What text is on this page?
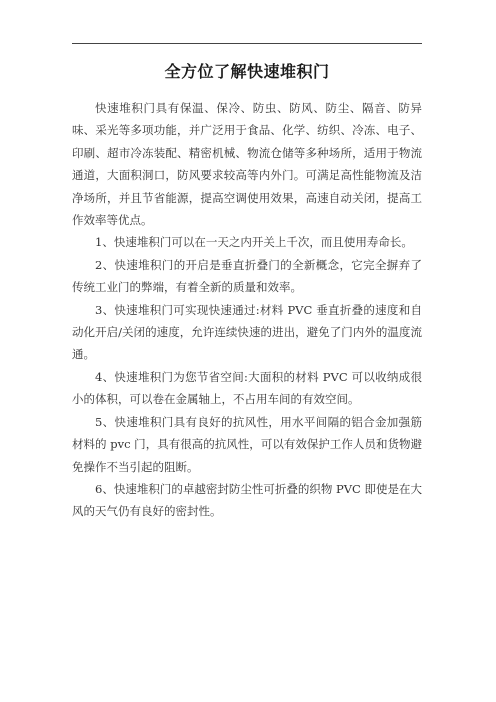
全方位了解快速堆积门

快速堆积门具有保温、保冷、防虫、防风、防尘、隔音、防异味、采光等多项功能，并广泛用于食品、化学、纺织、冷冻、电子、印刷、超市冷冻装配、精密机械、物流仓储等多种场所，适用于物流通道，大面积洞口，防风要求较高等内外门。可满足高性能物流及洁净场所，并且节省能源，提高空调使用效果，高速自动关闭，提高工作效率等优点。

1、快速堆积门可以在一天之内开关上千次，而且使用寿命长。

2、快速堆积门的开启是垂直折叠门的全新概念，它完全摒弃了传统工业门的弊端，有着全新的质量和效率。

3、快速堆积门可实现快速通过:材料 PVC 垂直折叠的速度和自动化开启/关闭的速度，允许连续快速的进出，避免了门内外的温度流通。

4、快速堆积门为您节省空间:大面积的材料 PVC 可以收纳成很小的体积，可以卷在金属轴上，不占用车间的有效空间。

5、快速堆积门具有良好的抗风性，用水平间隔的铝合金加强筋材料的 pvc 门，具有很高的抗风性，可以有效保护工作人员和货物避免操作不当引起的阻断。

6、快速堆积门的卓越密封防尘性可折叠的织物 PVC 即使是在大风的天气仍有良好的密封性。
